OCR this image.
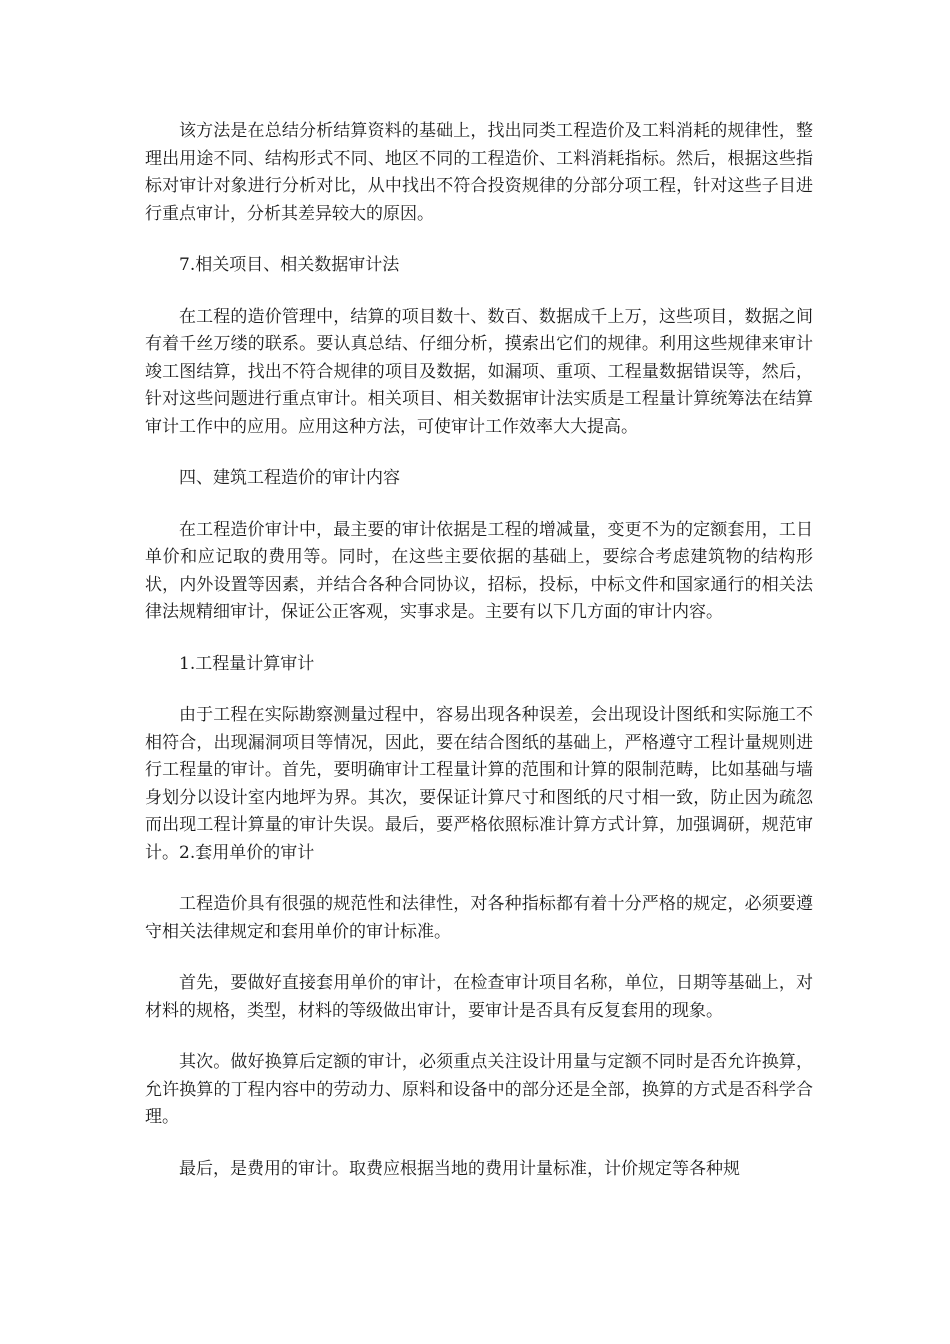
该方法是在总结分析结算资料的基础上，找出同类工程造价及工料消耗的规律性，整理出用途不同、结构形式不同、地区不同的工程造价、工料消耗指标。然后，根据这些指标对审计对象进行分析对比，从中找出不符合投资规律的分部分项工程，针对这些子目进行重点审计，分析其差异较大的原因。

7.相关项目、相关数据审计法

在工程的造价管理中，结算的项目数十、数百、数据成千上万，这些项目，数据之间有着千丝万缕的联系。要认真总结、仔细分析，摸索出它们的规律。利用这些规律来审计竣工图结算，找出不符合规律的项目及数据，如漏项、重项、工程量数据错误等，然后，针对这些问题进行重点审计。相关项目、相关数据审计法实质是工程量计算统筹法在结算审计工作中的应用。应用这种方法，可使审计工作效率大大提高。

四、建筑工程造价的审计内容

在工程造价审计中，最主要的审计依据是工程的增减量，变更不为的定额套用，工日单价和应记取的费用等。同时，在这些主要依据的基础上，要综合考虑建筑物的结构形状，内外设置等因素，并结合各种合同协议，招标，投标，中标文件和国家通行的相关法律法规精细审计，保证公正客观，实事求是。主要有以下几方面的审计内容。

1.工程量计算审计

由于工程在实际勘察测量过程中，容易出现各种误差，会出现设计图纸和实际施工不相符合，出现漏洞项目等情况，因此，要在结合图纸的基础上，严格遵守工程计量规则进行工程量的审计。首先，要明确审计工程量计算的范围和计算的限制范畴，比如基础与墙身划分以设计室内地坪为界。其次，要保证计算尺寸和图纸的尺寸相一致，防止因为疏忽而出现工程计算量的审计失误。最后，要严格依照标准计算方式计算，加强调研，规范审计。2.套用单价的审计

工程造价具有很强的规范性和法律性，对各种指标都有着十分严格的规定，必须要遵守相关法律规定和套用单价的审计标准。

首先，要做好直接套用单价的审计，在检查审计项目名称，单位，日期等基础上，对材料的规格，类型，材料的等级做出审计，要审计是否具有反复套用的现象。

其次。做好换算后定额的审计，必须重点关注设计用量与定额不同时是否允许换算，允许换算的丁程内容中的劳动力、原料和设备中的部分还是全部，换算的方式是否科学合理。

最后，是费用的审计。取费应根据当地的费用计量标准，计价规定等各种规
